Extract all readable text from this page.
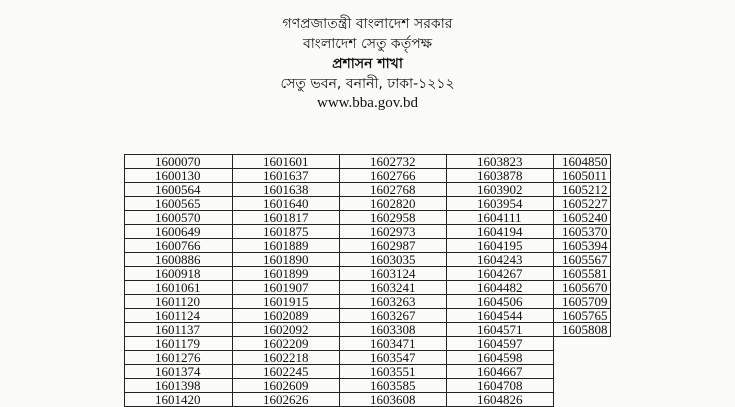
গণপ্রজাতন্ত্রী বাংলাদেশ সরকার
বাংলাদেশ সেতু কর্তৃপক্ষ
প্রশাসন শাখা
সেতু ভবন, বনানী, ঢাকা-১২১২
www.bba.gov.bd
1600070	1601601	1602732	1603823	1604850
1600130	1601637	1602766	1603878	1605011
1600564	1601638	1602768	1603902	1605212
1600565	1601640	1602820	1603954	1605227
1600570	1601817	1602958	1604111	1605240
1600649	1601875	1602973	1604194	1605370
1600766	1601889	1602987	1604195	1605394
1600886	1601890	1603035	1604243	1605567
1600918	1601899	1603124	1604267	1605581
1601061	1601907	1603241	1604482	1605670
1601120	1601915	1603263	1604506	1605709
1601124	1602089	1603267	1604544	1605765
1601137	1602092	1603308	1604571	1605808
1601179	1602209	1603471	1604597	
1601276	1602218	1603547	1604598	
1601374	1602245	1603551	1604667	
1601398	1602609	1603585	1604708	
1601420	1602626	1603608	1604826	
